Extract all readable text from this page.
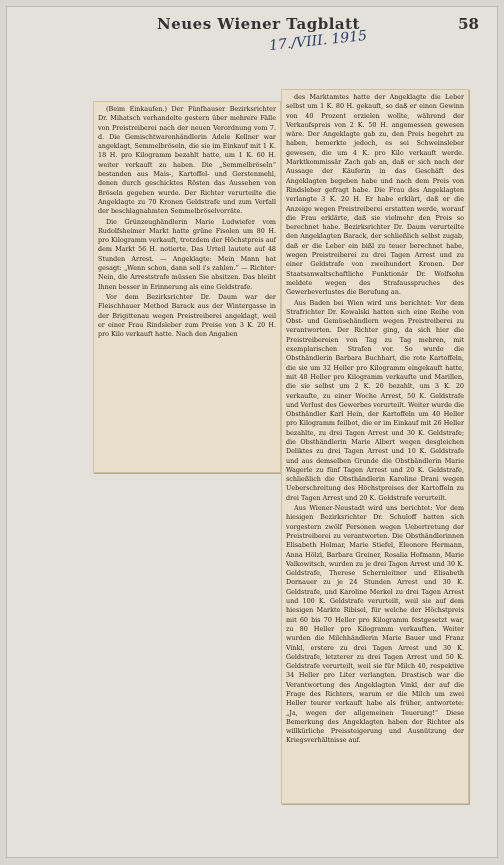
Neues Wiener Tagblatt	58
17./VIII. 1915

(Beim Einkaufen.) Der Fünfhauser Bezirksrichter Dr. Mihatsch verhandelte gestern über mehrere Fälle von Preistreiberei nach der neuen Verordnung vom 7. d. Die Gemischtwarenhändlerin Adele Kellner war angeklagt, Semmelbröseln, die sie im Einkauf mit 1 K. 18 H. pro Kilogramm bezahlt hatte, um 1 K. 60 H. weiter verkauft zu haben. Die „Semmelbröseln“ bestanden aus Mais-, Kartoffel- und Gerstenmehl, denen durch geschicktes Rösten das Aussehen von Bröseln gegeben wurde. Der Richter verurteilte die Angeklagte zu 70 Kronen Geldstrafe und zum Verfall der beschlagnahmten Semmelbröselvorräte.

Die Grünzeughändlerin Marie Ludwiefer vom Rudolfsheimer Markt hatte grüne Fisolen um 80 H. pro Kilogramm verkauft, trotzdem der Höchstpreis auf dem Markt 56 H. notierte. Das Urteil lautete auf 48 Stunden Arrest. — Angeklagte: Mein Mann hat gesagt: „Wenn schon, dann soll i's zahlen.“ — Richter: Nein, die Arreststrafe müssen Sie absitzen. Das bleibt Ihnen besser in Erinnerung als eine Geldstrafe.

Vor dem Bezirksrichter Dr. Daum war der Fleischhauer Method Barack aus der Wintergasse in der Brigittenau wegen Preistreiberei angeklagt, weil er einer Frau Rindsleber zum Preise von 3 K. 20 H. pro Kilo verkauft hatte. Nach den Angaben

des Marktamtes hatte der Angeklagte die Leber selbst um 1 K. 80 H. gekauft, so daß er einen Gewinn von 40 Prozent erzielen wollte, während der Verkaufspreis von 2 K. 50 H. angemessen gewesen wäre. Der Angeklagte gab zu, den Preis begehrt zu haben, bemerkte jedoch, es sei Schweinsleber gewesen, die um 4 K. pro Kilo verkauft werde. Marktkommissär Zach gab an, daß er sich nach der Aussage der Käuferin in das Geschäft des Angeklagten begeben habe und nach dem Preis von Rindsleber gefragt habe. Die Frau des Angeklagten verlangte 3 K. 20 H. Er habe erklärt, daß er die Anzeige wegen Preistreiberei erstatten werde, worauf die Frau erklärte, daß sie vielmehr den Preis so berechnet habe. Bezirksrichter Dr. Daum verurteilte den Angeklagten Barack, der schließlich selbst zugab, daß er die Leber ein bißl zu teuer berechnet habe, wegen Preistreiberei zu drei Tagen Arrest und zu einer Geldstrafe von zweihundert Kronen. Der Staatsanwaltschaftliche Funktionär Dr. Wolfsohn meldete wegen des Strafausspruches des Gewerbeverlustes die Berufung an.

Aus Baden bei Wien wird uns berichtet: Vor dem Strafrichter Dr. Kowalski hatten sich eine Reihe von Obst- und Gemüsehändlern wegen Preistreiberei zu verantworten. Der Richter ging, da sich hier die Preistreibereien von Tag zu Tag mehren, mit exemplarischen Strafen vor. So wurde die Obsthändlerin Barbara Buchhart, die rote Kartoffeln, die sie um 32 Heller pro Kilogramm eingekauft hatte, mit 48 Heller pro Kilogramm verkaufte und Marillen, die sie selbst um 2 K. 20 bezahlt, um 3 K. 20 verkaufte, zu einer Woche Arrest, 50 K. Geldstrafe und Verlust des Gewerbes verurteilt. Weiter wurde die Obsthändler Karl Hein, der Kartoffeln um 40 Heller pro Kilogramm feilbot, die er im Einkauf mit 26 Heller bezahlte, zu drei Tagen Arrest und 30 K. Geldstrafe; die Obsthändlerin Marie Albert wegen desgleichen Deliktes zu drei Tagen Arrest und 10 K. Geldstrafe und aus demselben Grunde die Obsthändlerin Marie Wagerle zu fünf Tagen Arrest und 20 K. Geldstrafe, schließlich die Obsthändlerin Karoline Drani wegen Ueberschreitung des Höchstpreises der Kartoffeln zu drei Tagen Arrest und 20 K. Geldstrafe verurteilt.

Aus Wiener-Neustadt wird uns berichtet: Vor dem hiesigen Bezirksrichter Dr. Schuloff hatten sich vorgestern zwölf Personen wegen Uebertretung der Preistreiberei zu verantworten. Die Obsthändlerinnen Elisabeth Holmar, Marie Stiefel, Eleonore Hermann, Anna Hölzl, Barbara Greiner, Rosalia Hofmann, Marie Valkowitsch, wurden zu je drei Tagen Arrest und 30 K. Geldstrafe, Therese Schernleitner und Elisabeth Dornauer zu je 24 Stunden Arrest und 30 K. Geldstrafe, und Karoline Merkel zu drei Tagen Arrest und 100 K. Geldstrafe verurteilt, weil sie auf dem hiesigen Markte Ribisel, für welche der Höchstpreis mit 60 bis 70 Heller pro Kilogramm festgesetzt war, zu 80 Heller pro Kilogramm verkauften. Weiter wurden die Milchhändlerin Marie Bauer und Franz Vinkl, erstere zu drei Tagen Arrest und 30 K. Geldstrafe, letzterer zu drei Tagen Arrest und 50 K. Geldstrafe verurteilt, weil sie für Milch 40, respektive 34 Heller pro Liter verlangten. Drastisch war die Verantwortung des Angeklagten Vinkl, der auf die Frage des Richters, warum er die Milch um zwei Heller teurer verkauft habe als früher, antwortete: „Ja, wegen der allgemeinen Teuerung!“ Diese Bemerkung des Angeklagten haben der Richter als willkürliche Preissteigerung und Ausnützung der Kriegsverhältnisse auf.
